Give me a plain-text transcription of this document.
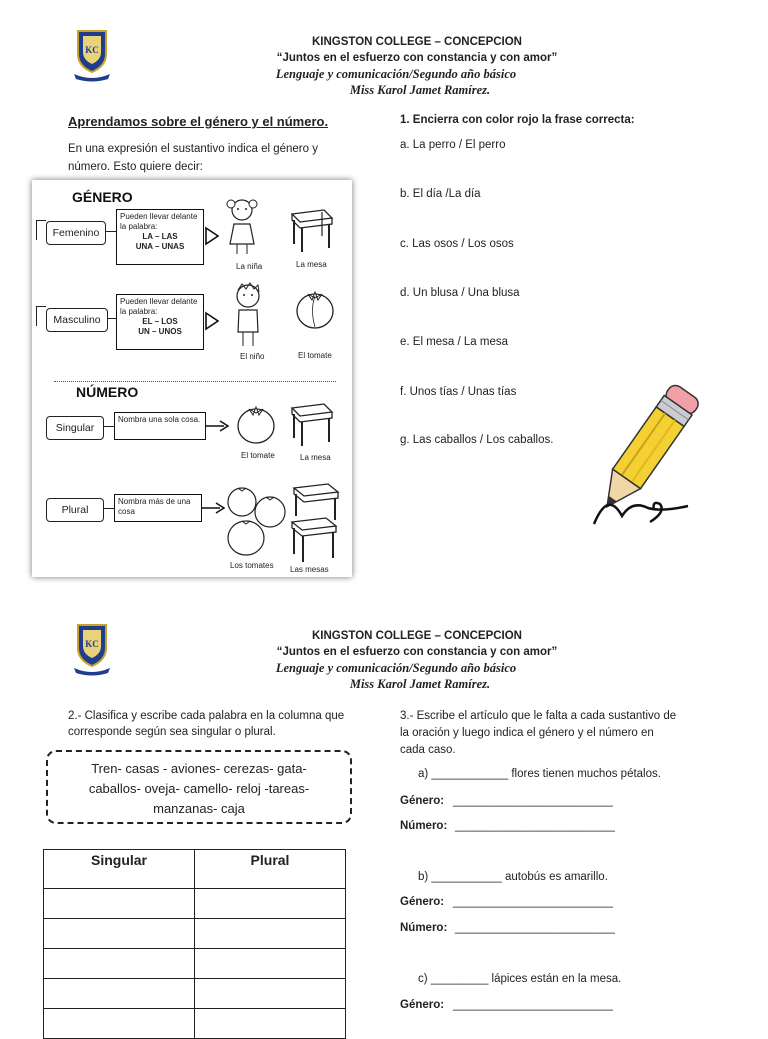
KC
KINGSTON COLLEGE – CONCEPCION
“Juntos en el esfuerzo con constancia y con amor”
Lenguaje y comunicación/Segundo año básico
Miss Karol Jamet Ramírez.
Aprendamos sobre el género y el número.
En una expresión el sustantivo indica el género y
número. Esto quiere decir:
GÉNERO
Femenino
Pueden llevar delante
la palabra:
LA – LAS
UNA – UNAS
La niña	La mesa
Masculino
Pueden llevar delante
la palabra:
EL – LOS
UN – UNOS
El niño	El tomate
NÚMERO
Singular
Nombra una sola cosa.
El tomate	La mesa
Plural
Nombra más de una
cosa
Los tomates Las mesas
1. Encierra con color rojo la frase correcta:
a. La perro / El perro
b. El día /La día
c. Las osos / Los osos
d. Un blusa / Una blusa
e. El mesa / La mesa
f. Unos tías / Unas tías
g. Las caballos / Los caballos.
KC
KINGSTON COLLEGE – CONCEPCION
“Juntos en el esfuerzo con constancia y con amor”
Lenguaje y comunicación/Segundo año básico
Miss Karol Jamet Ramírez.
2.- Clasifica y escribe cada palabra en la columna que
corresponde según sea singular o plural.
Tren- casas - aviones- cerezas- gata-
caballos- oveja- camello- reloj -tareas-
manzanas- caja
Singular	Plural

3.- Escribe el artículo que le falta a cada sustantivo de
la oración y luego indica el género y el número en
cada caso.
a) ____________ flores tienen muchos pétalos.
Género: _________________________
Número: _________________________
b) ___________ autobús es amarillo.
Género: _________________________
Número: _________________________
c) _________ lápices están en la mesa.
Género: _________________________
